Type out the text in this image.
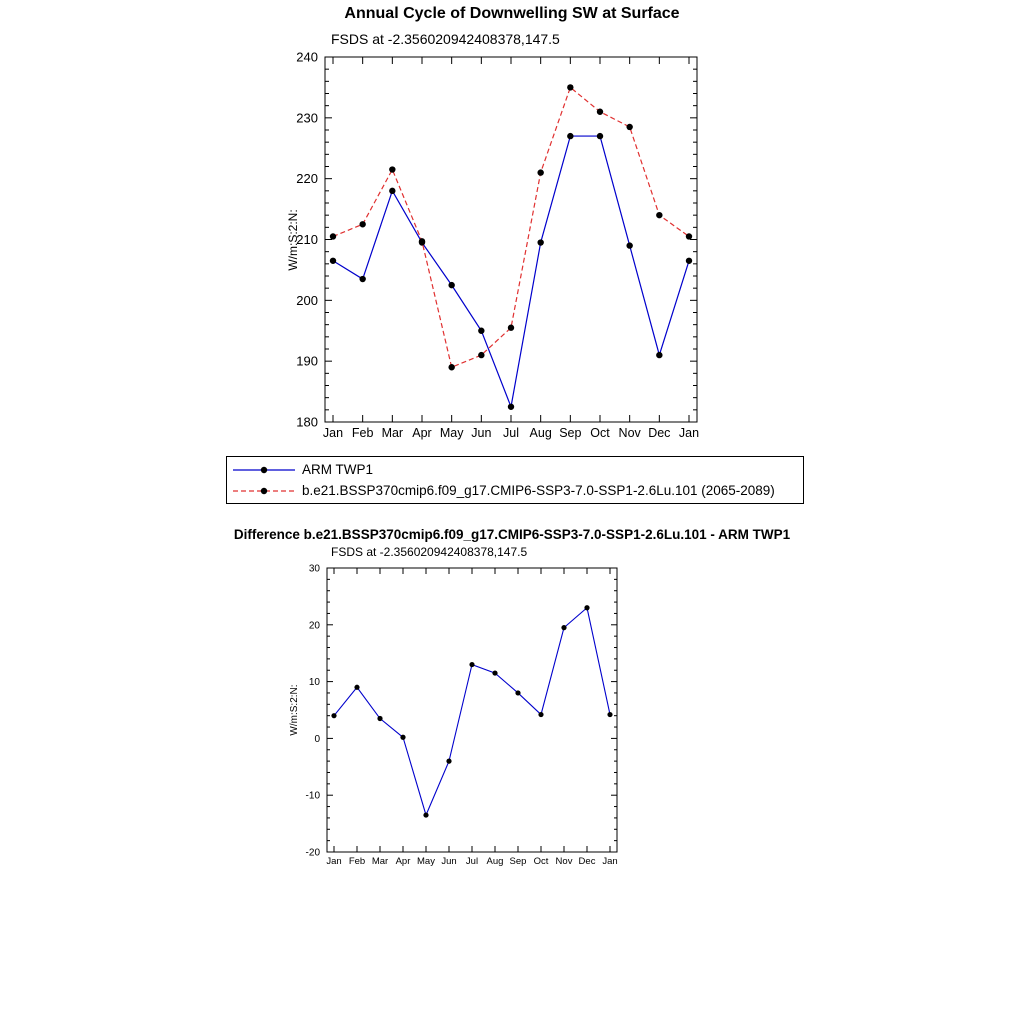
Annual Cycle of Downwelling SW at Surface
FSDS at -2.356020942408378,147.5
W/m:S:2:N:
W/m:S:2:N:
180
190
200
210
220
230
240
Jan Feb Mar Apr May Jun Jul Aug Sep Oct Nov Dec Jan
-20
-10
0
10
20
30
Jan Feb Mar Apr May Jun Jul Aug Sep Oct Nov Dec Jan
ARM TWP1
b.e21.BSSP370cmip6.f09_g17.CMIP6-SSP3-7.0-SSP1-2.6Lu.101 (2065-2089)
Difference b.e21.BSSP370cmip6.f09_g17.CMIP6-SSP3-7.0-SSP1-2.6Lu.101 - ARM TWP1
FSDS at -2.356020942408378,147.5
